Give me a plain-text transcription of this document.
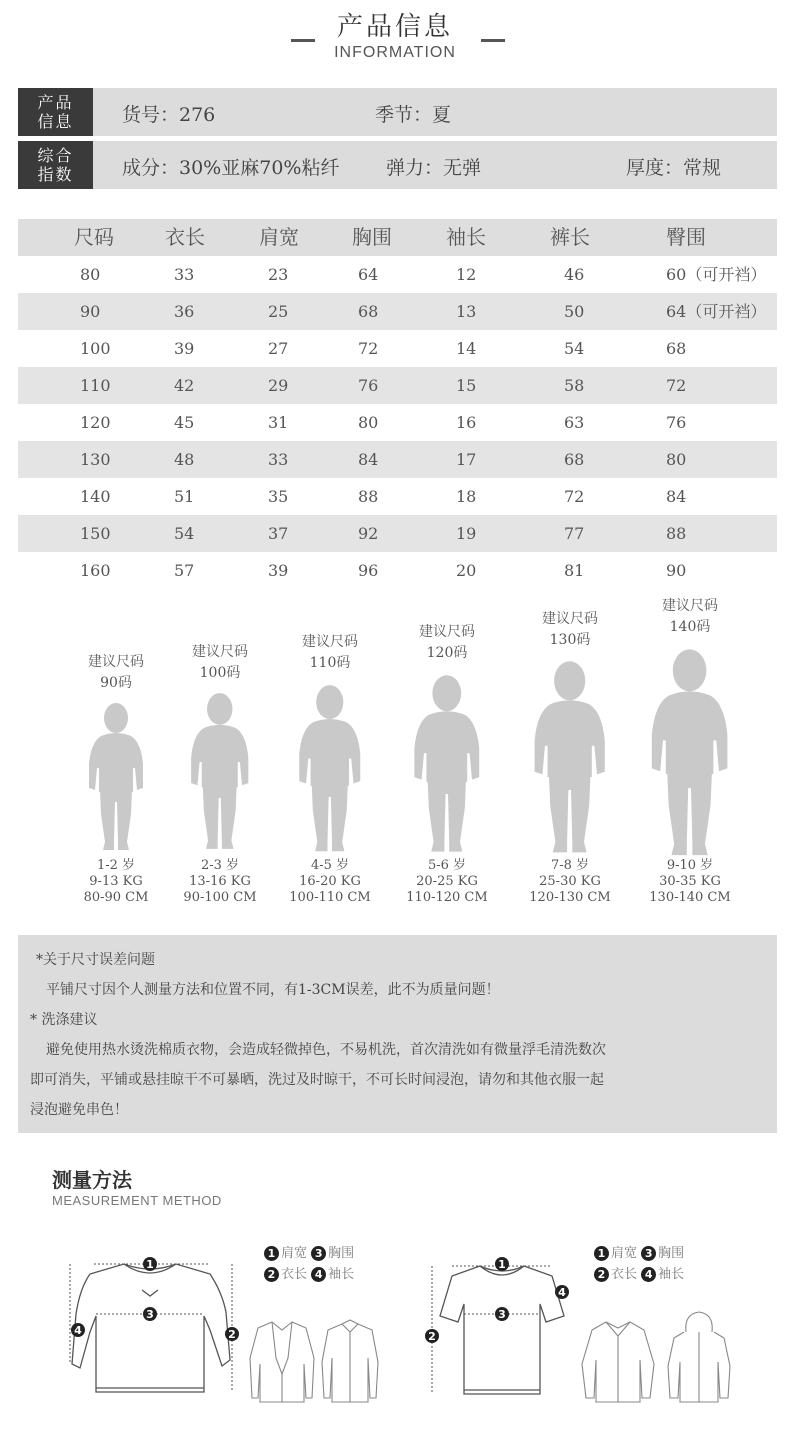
产品信息
INFORMATION
产品
信息	货号：276	季节：夏
综合
指数	成分：30%亚麻70%粘纤 弹力：无弹	厚度：常规
尺码	衣长	肩宽	胸围	袖长	裤长	臀围
80	33	23	64	12	46	60（可开裆）
90	36	25	68	13	50	64（可开裆）
100	39	27	72	14	54	68
110	42	29	76	15	58	72
120	45	31	80	16	63	76
130	48	33	84	17	68	80
140	51	35	88	18	72	84
150	54	37	92	19	77	88
160	57	39	96	20	81	90
建议尺码
90码
1-2 岁
9-13 KG
80-90 CM
建议尺码
100码
2-3 岁
13-16 KG
90-100 CM
建议尺码
110码
4-5 岁
16-20 KG
100-110 CM
建议尺码
120码
5-6 岁
20-25 KG
110-120 CM
建议尺码
130码
7-8 岁
25-30 KG
120-130 CM
建议尺码
140码
9-10 岁
30-35 KG
130-140 CM
*关于尺寸误差问题
平铺尺寸因个人测量方法和位置不同，有1-3CM误差，此不为质量问题！
* 洗涤建议
避免使用热水烫洗棉质衣物，会造成轻微掉色，不易机洗，首次清洗如有微量浮毛清洗数次
即可消失，平铺或悬挂晾干不可暴晒，洗过及时晾干，不可长时间浸泡，请勿和其他衣服一起
浸泡避免串色！
测量方法
MEASUREMENT METHOD
1 肩宽 3 胸围
2 衣长 4 袖长
1 肩宽 3 胸围
2 衣长 4 袖长
1
3
2
4
1
3
4
2
